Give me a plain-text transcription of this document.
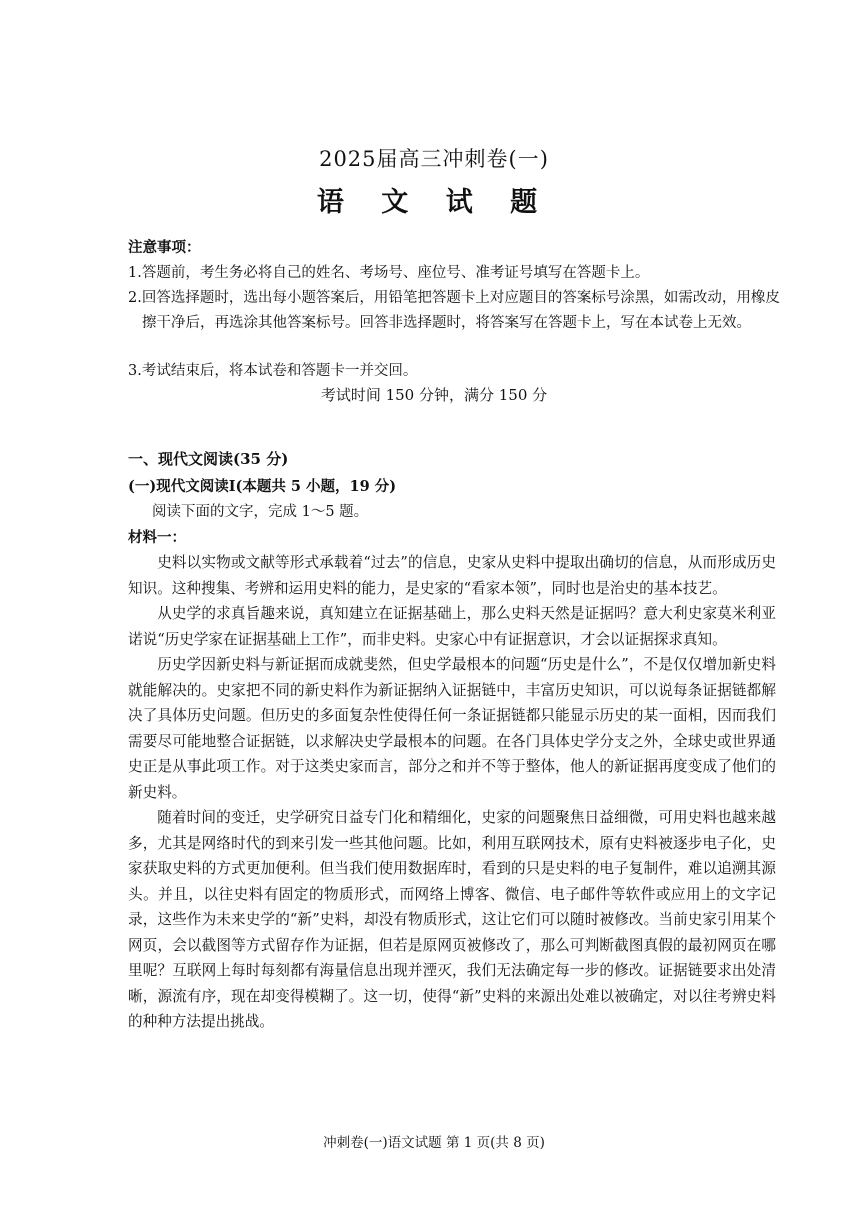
2025届高三冲刺卷(一)
语 文 试 题
注意事项：
1.答题前，考生务必将自己的姓名、考场号、座位号、准考证号填写在答题卡上。
2.回答选择题时，选出每小题答案后，用铅笔把答题卡上对应题目的答案标号涂黑，如需改动，用橡皮擦干净后，再选涂其他答案标号。回答非选择题时，将答案写在答题卡上，写在本试卷上无效。
3.考试结束后，将本试卷和答题卡一并交回。
考试时间 150 分钟，满分 150 分
一、现代文阅读(35 分)
(一)现代文阅读Ⅰ(本题共 5 小题，19 分)
阅读下面的文字，完成 1～5 题。
材料一：

史料以实物或文献等形式承载着“过去”的信息，史家从史料中提取出确切的信息，从而形成历史知识。这种搜集、考辨和运用史料的能力，是史家的“看家本领”，同时也是治史的基本技艺。

从史学的求真旨趣来说，真知建立在证据基础上，那么史料天然是证据吗？意大利史家莫米利亚诺说“历史学家在证据基础上工作”，而非史料。史家心中有证据意识，才会以证据探求真知。

历史学因新史料与新证据而成就斐然，但史学最根本的问题“历史是什么”，不是仅仅增加新史料就能解决的。史家把不同的新史料作为新证据纳入证据链中，丰富历史知识，可以说每条证据链都解决了具体历史问题。但历史的多面复杂性使得任何一条证据链都只能显示历史的某一面相，因而我们需要尽可能地整合证据链，以求解决史学最根本的问题。在各门具体史学分支之外，全球史或世界通史正是从事此项工作。对于这类史家而言，部分之和并不等于整体，他人的新证据再度变成了他们的新史料。

随着时间的变迁，史学研究日益专门化和精细化，史家的问题聚焦日益细微，可用史料也越来越多，尤其是网络时代的到来引发一些其他问题。比如，利用互联网技术，原有史料被逐步电子化，史家获取史料的方式更加便利。但当我们使用数据库时，看到的只是史料的电子复制件，难以追溯其源头。并且，以往史料有固定的物质形式，而网络上博客、微信、电子邮件等软件或应用上的文字记录，这些作为未来史学的“新”史料，却没有物质形式，这让它们可以随时被修改。当前史家引用某个网页，会以截图等方式留存作为证据，但若是原网页被修改了，那么可判断截图真假的最初网页在哪里呢？互联网上每时每刻都有海量信息出现并湮灭，我们无法确定每一步的修改。证据链要求出处清晰，源流有序，现在却变得模糊了。这一切，使得“新”史料的来源出处难以被确定，对以往考辨史料的种种方法提出挑战。

冲刺卷(一)语文试题 第 1 页(共 8 页)
